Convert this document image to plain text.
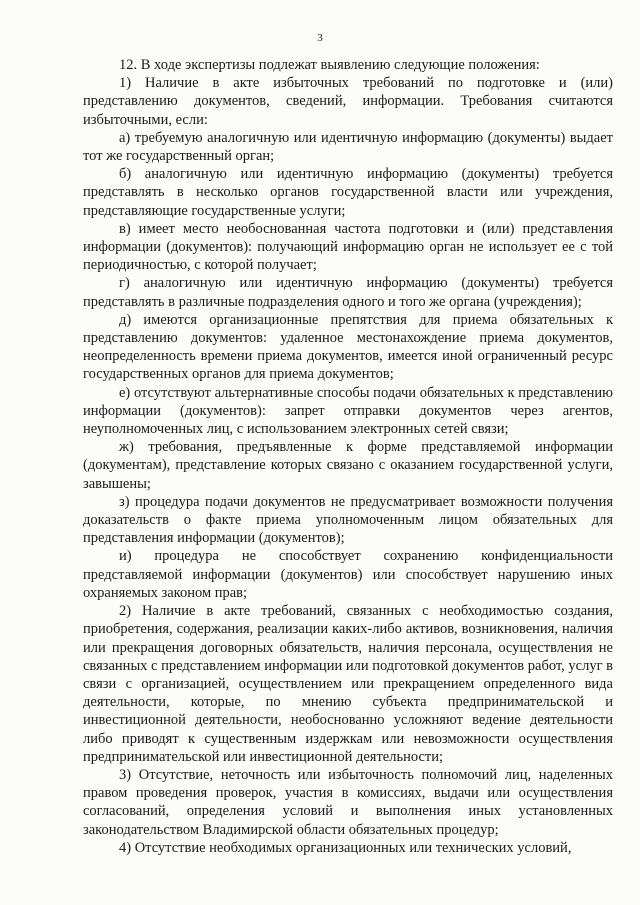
3

12. В ходе экспертизы подлежат выявлению следующие положения:

1) Наличие в акте избыточных требований по подготовке и (или) представлению документов, сведений, информации. Требования считаются избыточными, если:

а) требуемую аналогичную или идентичную информацию (документы) выдает тот же государственный орган;

б) аналогичную или идентичную информацию (документы) требуется представлять в несколько органов государственной власти или учреждения, представляющие государственные услуги;

в) имеет место необоснованная частота подготовки и (или) представления информации (документов): получающий информацию орган не использует ее с той периодичностью, с которой получает;

г) аналогичную или идентичную информацию (документы) требуется представлять в различные подразделения одного и того же органа (учреждения);

д) имеются организационные препятствия для приема обязательных к представлению документов: удаленное местонахождение приема документов, неопределенность времени приема документов, имеется иной ограниченный ресурс государственных органов для приема документов;

е) отсутствуют альтернативные способы подачи обязательных к представлению информации (документов): запрет отправки документов через агентов, неуполномоченных лиц, с использованием электронных сетей связи;

ж) требования, предъявленные к форме представляемой информации (документам), представление которых связано с оказанием государственной услуги, завышены;

з) процедура подачи документов не предусматривает возможности получения доказательств о факте приема уполномоченным лицом обязательных для представления информации (документов);

и) процедура не способствует сохранению конфиденциальности представляемой информации (документов) или способствует нарушению иных охраняемых законом прав;

2) Наличие в акте требований, связанных с необходимостью создания, приобретения, содержания, реализации каких-либо активов, возникновения, наличия или прекращения договорных обязательств, наличия персонала, осуществления не связанных с представлением информации или подготовкой документов работ, услуг в связи с организацией, осуществлением или прекращением определенного вида деятельности, которые, по мнению субъекта предпринимательской и инвестиционной деятельности, необоснованно усложняют ведение деятельности либо приводят к существенным издержкам или невозможности осуществления предпринимательской или инвестиционной деятельности;

3) Отсутствие, неточность или избыточность полномочий лиц, наделенных правом проведения проверок, участия в комиссиях, выдачи или осуществления согласований, определения условий и выполнения иных установленных законодательством Владимирской области обязательных процедур;

4) Отсутствие необходимых организационных или технических условий,
